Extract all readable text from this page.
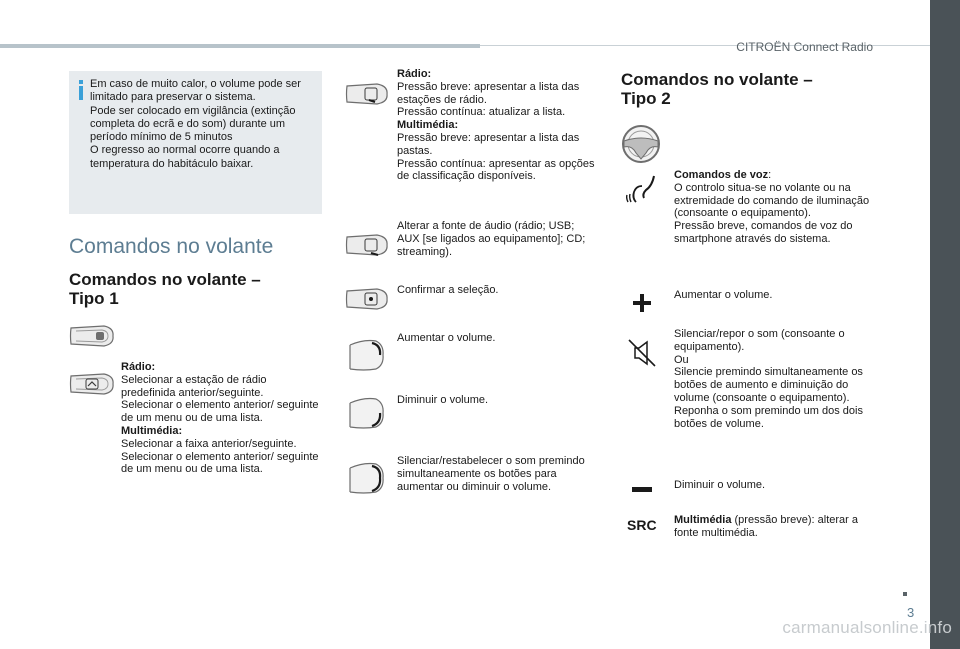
CITROËN Connect Radio

Em caso de muito calor, o volume pode ser limitado para preservar o sistema.

Pode ser colocado em vigilância (extinção completa do ecrã e do som) durante um período mínimo de 5 minutos

O regresso ao normal ocorre quando a temperatura do habitáculo baixar.

Comandos no volante
Comandos no volante –
Tipo 1
Rádio:
Selecionar a estação de rádio predefinida anterior/seguinte.
Selecionar o elemento anterior/ seguinte de um menu ou de uma lista.
Multimédia:
Selecionar a faixa anterior/seguinte.
Selecionar o elemento anterior/ seguinte de um menu ou de uma lista.
Rádio:
Pressão breve: apresentar a lista das estações de rádio.
Pressão contínua: atualizar a lista.
Multimédia:
Pressão breve: apresentar a lista das pastas.
Pressão contínua: apresentar as opções de classificação disponíveis.
Alterar a fonte de áudio (rádio; USB; AUX [se ligados ao equipamento]; CD; streaming).
Confirmar a seleção.
Aumentar o volume.
Diminuir o volume.
Silenciar/restabelecer o som premindo simultaneamente os botões para aumentar ou diminuir o volume.
Comandos no volante –
Tipo 2
SRC
Comandos de voz:
O controlo situa-se no volante ou na extremidade do comando de iluminação (consoante o equipamento).
Pressão breve, comandos de voz do smartphone através do sistema.
Aumentar o volume.
Silenciar/repor o som (consoante o equipamento).
Ou
Silencie premindo simultaneamente os botões de aumento e diminuição do volume (consoante o equipamento).
Reponha o som premindo um dos dois botões de volume.
Diminuir o volume.
Multimédia (pressão breve): alterar a fonte multimédia.
3
carmanualsonline.info
